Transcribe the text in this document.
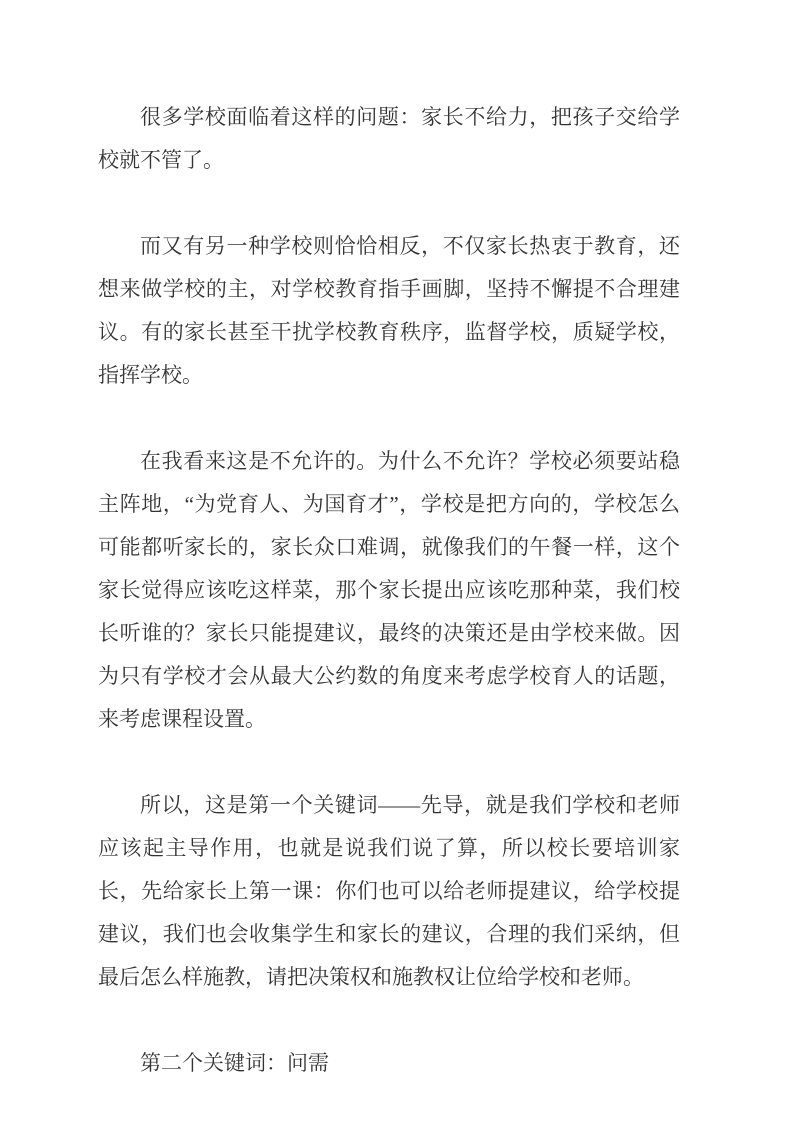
很多学校面临着这样的问题：家长不给力，把孩子交给学校就不管了。

而又有另一种学校则恰恰相反，不仅家长热衷于教育，还想来做学校的主，对学校教育指手画脚，坚持不懈提不合理建议。有的家长甚至干扰学校教育秩序，监督学校，质疑学校，指挥学校。

在我看来这是不允许的。为什么不允许？学校必须要站稳主阵地，“为党育人、为国育才”，学校是把方向的，学校怎么可能都听家长的，家长众口难调，就像我们的午餐一样，这个家长觉得应该吃这样菜，那个家长提出应该吃那种菜，我们校长听谁的？家长只能提建议，最终的决策还是由学校来做。因为只有学校才会从最大公约数的角度来考虑学校育人的话题，来考虑课程设置。

所以，这是第一个关键词——先导，就是我们学校和老师应该起主导作用，也就是说我们说了算，所以校长要培训家长，先给家长上第一课：你们也可以给老师提建议，给学校提建议，我们也会收集学生和家长的建议，合理的我们采纳，但最后怎么样施教，请把决策权和施教权让位给学校和老师。

第二个关键词：问需
